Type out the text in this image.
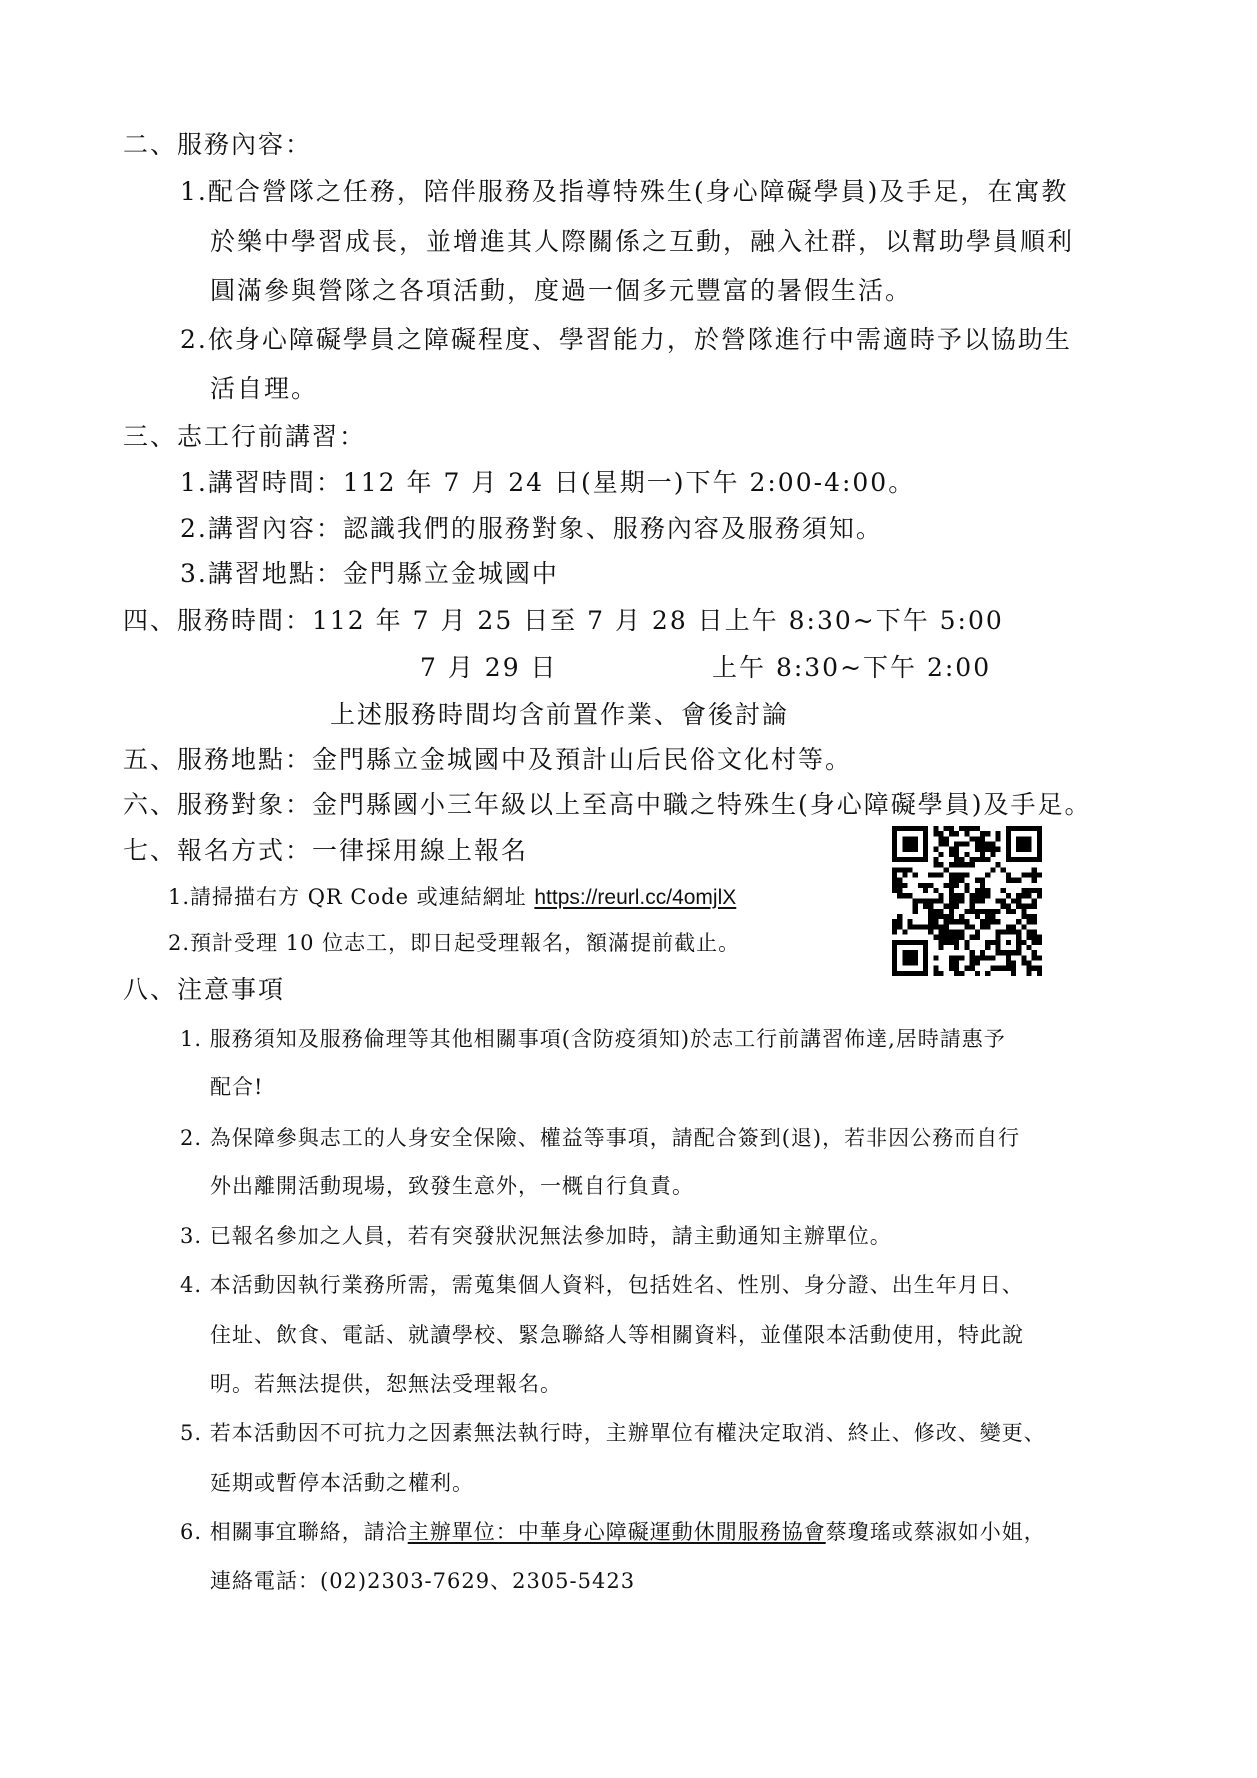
二、服務內容：
1.配合營隊之任務，陪伴服務及指導特殊生(身心障礙學員)及手足，在寓教
於樂中學習成長，並增進其人際關係之互動，融入社群，以幫助學員順利
圓滿參與營隊之各項活動，度過一個多元豐富的暑假生活。
2.依身心障礙學員之障礙程度、學習能力，於營隊進行中需適時予以協助生
活自理。
三、志工行前講習：
1.講習時間：112 年 7 月 24 日(星期一)下午 2:00-4:00。
2.講習內容：認識我們的服務對象、服務內容及服務須知。
3.講習地點：金門縣立金城國中
四、服務時間：112 年 7 月 25 日至 7 月 28 日上午 8:30~下午 5:00
7 月 29 日	上午 8:30~下午 2:00
上述服務時間均含前置作業、會後討論
五、服務地點：金門縣立金城國中及預計山后民俗文化村等。
六、服務對象：金門縣國小三年級以上至高中職之特殊生(身心障礙學員)及手足。
七、報名方式：一律採用線上報名
1.請掃描右方 QR Code 或連結網址 https://reurl.cc/4omjlX
2.預計受理 10 位志工，即日起受理報名，額滿提前截止。
八、注意事項
1. 服務須知及服務倫理等其他相關事項(含防疫須知)於志工行前講習佈達,居時請惠予
配合!
2. 為保障參與志工的人身安全保險、權益等事項，請配合簽到(退)，若非因公務而自行
外出離開活動現場，致發生意外，一概自行負責。
3. 已報名參加之人員，若有突發狀況無法參加時，請主動通知主辦單位。
4. 本活動因執行業務所需，需蒐集個人資料，包括姓名、性別、身分證、出生年月日、
住址、飲食、電話、就讀學校、緊急聯絡人等相關資料，並僅限本活動使用，特此說
明。若無法提供，恕無法受理報名。
5. 若本活動因不可抗力之因素無法執行時，主辦單位有權決定取消、終止、修改、變更、
延期或暫停本活動之權利。
6. 相關事宜聯絡，請洽主辦單位：中華身心障礙運動休閒服務協會蔡瓊瑤或蔡淑如小姐，
連絡電話：(02)2303-7629、2305-5423
